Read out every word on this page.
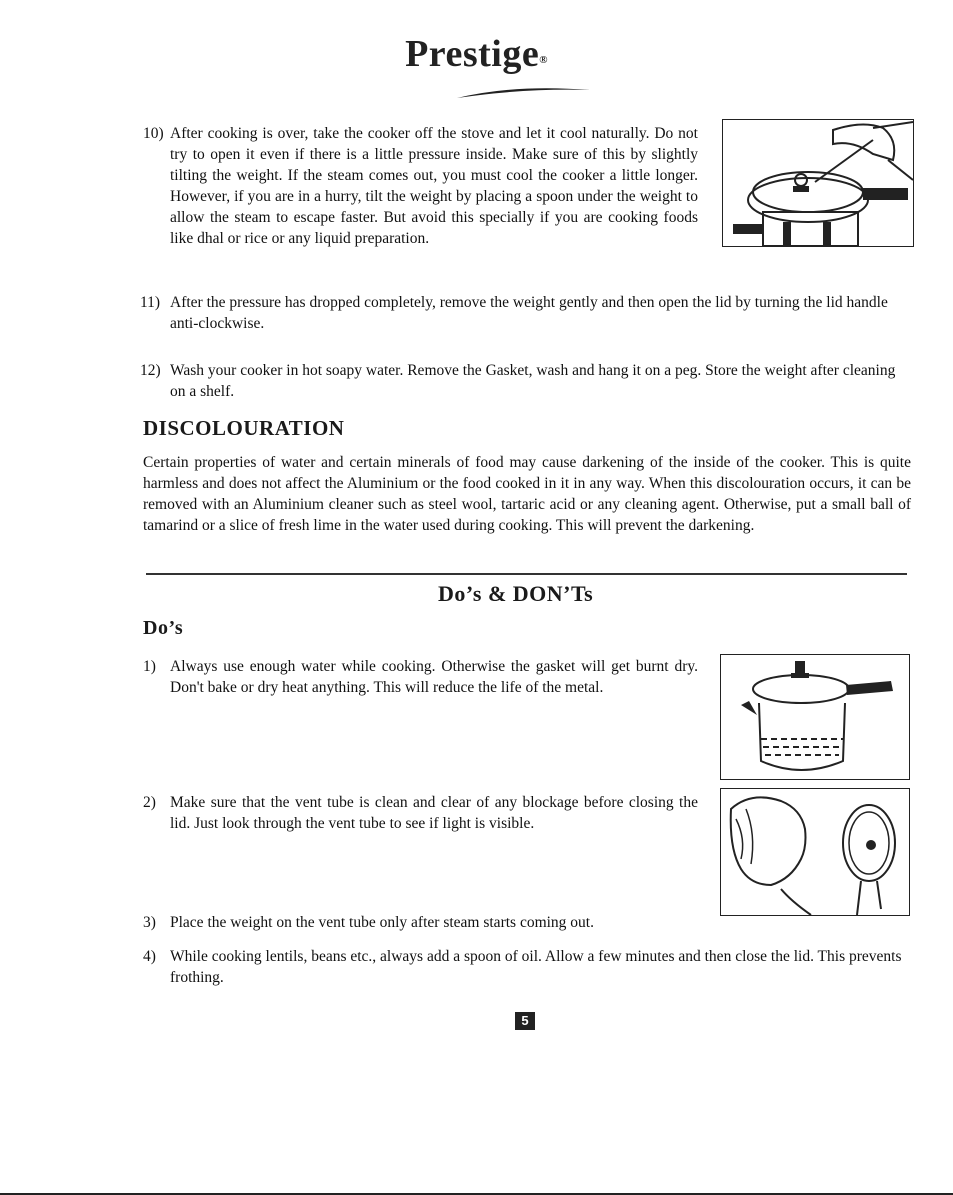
Prestige®
10) After cooking is over, take the cooker off the stove and let it cool naturally. Do not try to open it even if there is a little pressure inside. Make sure of this by slightly tilting the weight. If the steam comes out, you must cool the cooker a little longer. However, if you are in a hurry, tilt the weight by placing a spoon under the weight to allow the steam to escape faster. But avoid this specially if you are cooking foods like dhal or rice or any liquid preparation.
11) After the pressure has dropped completely, remove the weight gently and then open the lid by turning the lid handle anti-clockwise.
12) Wash your cooker in hot soapy water. Remove the Gasket, wash and hang it on a peg. Store the weight after cleaning on a shelf.
DISCOLOURATION
Certain properties of water and certain minerals of food may cause darkening of the inside of the cooker. This is quite harmless and does not affect the Aluminium or the food cooked in it in any way. When this discolouration occurs, it can be removed with an Aluminium cleaner such as steel wool, tartaric acid or any cleaning agent. Otherwise, put a small ball of tamarind or a slice of fresh lime in the water used during cooking. This will prevent the darkening.
Do’s & DON’Ts
Do’s
1) Always use enough water while cooking. Otherwise the gasket will get burnt dry. Don't bake or dry heat anything. This will reduce the life of the metal.
2) Make sure that the vent tube is clean and clear of any blockage before closing the lid. Just look through the vent tube to see if light is visible.
3) Place the weight on the vent tube only after steam starts coming out.
4) While cooking lentils, beans etc., always add a spoon of oil. Allow a few minutes and then close the lid. This prevents frothing.
5
